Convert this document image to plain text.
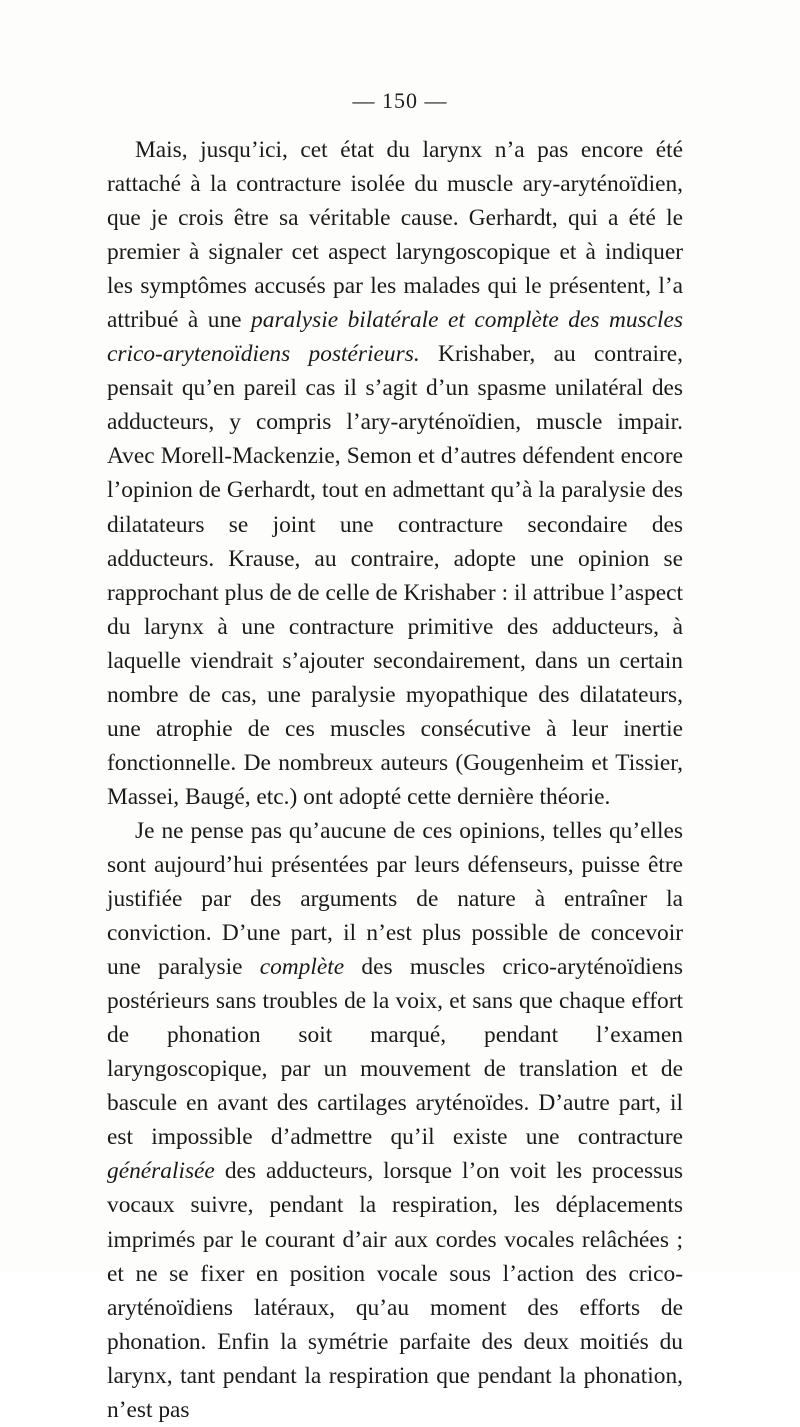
— 150 —

Mais, jusqu’ici, cet état du larynx n’a pas encore été rattaché à la contracture isolée du muscle ary-aryténoïdien, que je crois être sa véritable cause. Gerhardt, qui a été le premier à signaler cet aspect laryngoscopique et à indiquer les symptômes accusés par les malades qui le présentent, l’a attribué à une paralysie bilatérale et complète des muscles crico-arytenoïdiens postérieurs. Krishaber, au contraire, pensait qu’en pareil cas il s’agit d’un spasme unilatéral des adducteurs, y compris l’ary-aryténoïdien, muscle impair. Avec Morell-Mackenzie, Semon et d’autres défendent encore l’opinion de Gerhardt, tout en admettant qu’à la paralysie des dilatateurs se joint une contracture secondaire des adducteurs. Krause, au contraire, adopte une opinion se rapprochant plus de de celle de Krishaber : il attribue l’aspect du larynx à une contracture primitive des adducteurs, à laquelle viendrait s’ajouter secondairement, dans un certain nombre de cas, une paralysie myopathique des dilatateurs, une atrophie de ces muscles consécutive à leur inertie fonctionnelle. De nombreux auteurs (Gougenheim et Tissier, Massei, Baugé, etc.) ont adopté cette dernière théorie.

Je ne pense pas qu’aucune de ces opinions, telles qu’elles sont aujourd’hui présentées par leurs défenseurs, puisse être justifiée par des arguments de nature à entraîner la conviction. D’une part, il n’est plus possible de concevoir une paralysie complète des muscles crico-aryténoïdiens postérieurs sans troubles de la voix, et sans que chaque effort de phonation soit marqué, pendant l’examen laryngoscopique, par un mouvement de translation et de bascule en avant des cartilages aryténoïdes. D’autre part, il est impossible d’admettre qu’il existe une contracture généralisée des adducteurs, lorsque l’on voit les processus vocaux suivre, pendant la respiration, les déplacements imprimés par le courant d’air aux cordes vocales relâchées ; et ne se fixer en position vocale sous l’action des crico-aryténoïdiens latéraux, qu’au moment des efforts de phonation. Enfin la symétrie parfaite des deux moitiés du larynx, tant pendant la respiration que pendant la phonation, n’est pas
